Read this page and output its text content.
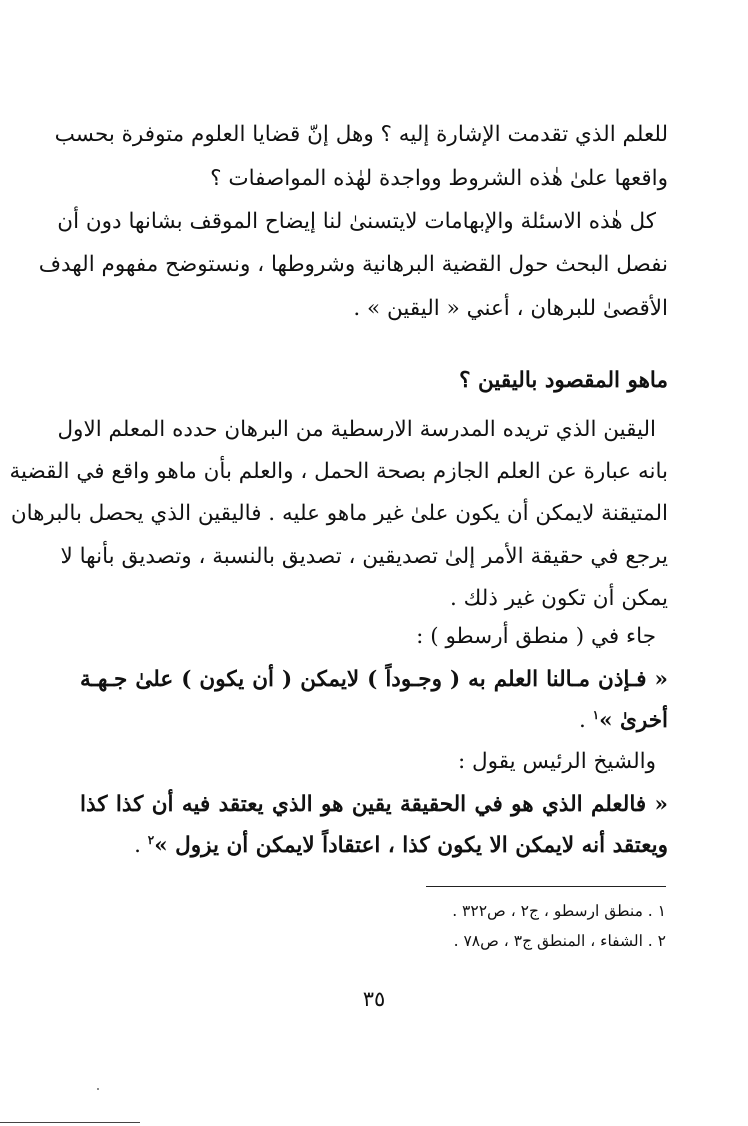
للعلم الذي تقدمت الإشارة إليه ؟ وهل إنّ قضايا العلوم متوفرة بحسب
واقعها علىٰ هٰذه الشروط وواجدة لهٰذه المواصفات ؟
كل هٰذه الاسئلة والإبهامات لايتسنىٰ لنا إيضاح الموقف بشانها دون أن
نفصل البحث حول القضية البرهانية وشروطها ، ونستوضح مفهوم الهدف
الأقصىٰ للبرهان ، أعني « اليقين » .
ماهو المقصود باليقين ؟
اليقين الذي تريده المدرسة الارسطية من البرهان حدده المعلم الاول
بانه عبارة عن العلم الجازم بصحة الحمل ، والعلم بأن ماهو واقع في القضية
المتيقنة لايمكن أن يكون علىٰ غير ماهو عليه . فاليقين الذي يحصل بالبرهان
يرجع في حقيقة الأمر إلىٰ تصديقين ، تصديق بالنسبة ، وتصديق بأنها لا
يمكن أن تكون غير ذلك .
جاء في ( منطق أرسطو ) :
« فـإذن مـالنا العلم به ( وجـوداً ) لايمكن ( أن يكون ) علىٰ جـهـة
أخرىٰ »$^١$ .
والشيخ الرئيس يقول :
« فالعلم الذي هو في الحقيقة يقين هو الذي يعتقد فيه أن كذا كذا
ويعتقد أنه لايمكن الا يكون كذا ، اعتقاداً لايمكن أن يزول »$^٢$ .
١ . منطق ارسطو ، ج٢ ، ص٣٢٢ .
٢ . الشفاء ، المنطق ج٣ ، ص٧٨ .
٣٥
